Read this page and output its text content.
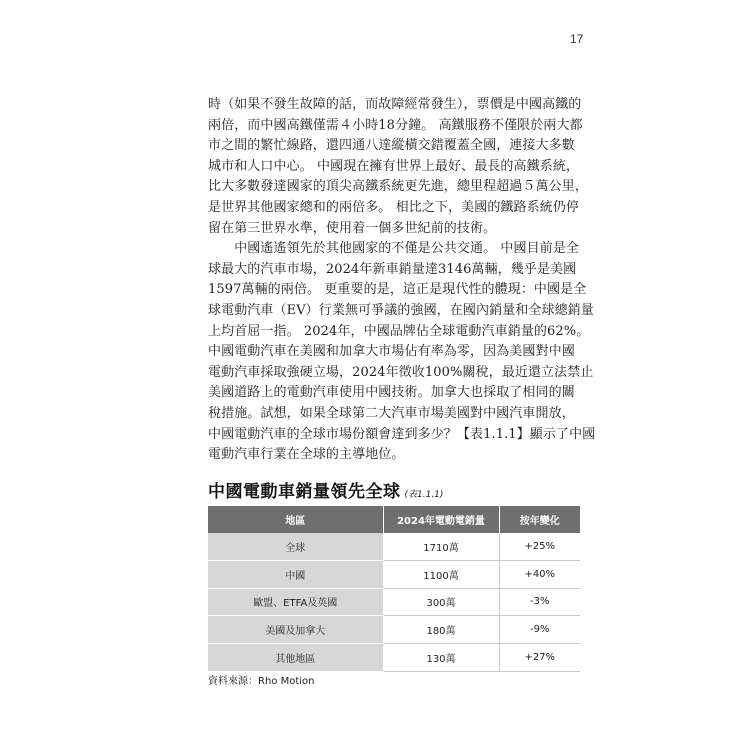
17
時（如果不發生故障的話，而故障經常發生），票價是中國高鐵的
兩倍，而中國高鐵僅需４小時18分鐘。 高鐵服務不僅限於兩大都
市之間的繁忙線路，還四通八達縱橫交錯覆蓋全國，連接大多數
城市和人口中心。 中國現在擁有世界上最好、最長的高鐵系統，
比大多數發達國家的頂尖高鐵系統更先進，總里程超過５萬公里，
是世界其他國家總和的兩倍多。 相比之下，美國的鐵路系統仍停
留在第三世界水準，使用着一個多世紀前的技術。
　　中國遙遙領先於其他國家的不僅是公共交通。 中國目前是全
球最大的汽車市場，2024年新車銷量達3146萬輛，幾乎是美國
1597萬輛的兩倍。 更重要的是，這正是現代性的體現：中國是全
球電動汽車（EV）行業無可爭議的強國，在國內銷量和全球總銷量
上均首屈一指。 2024年，中國品牌佔全球電動汽車銷量的62%。
中國電動汽車在美國和加拿大市場佔有率為零，因為美國對中國
電動汽車採取強硬立場，2024年徵收100%關稅，最近還立法禁止
美國道路上的電動汽車使用中國技術。加拿大也採取了相同的關
稅措施。試想，如果全球第二大汽車市場美國對中國汽車開放，
中國電動汽車的全球市場份額會達到多少？【表1.1.1】顯示了中國
電動汽車行業在全球的主導地位。
中國電動車銷量領先全球 (表1.1.1)
地區	2024年電動電銷量	按年變化
全球	1710萬	+25%
中國	1100萬	+40%
歐盟、ETFA及英國	300萬	-3%
美國及加拿大	180萬	-9%
其他地區	130萬	+27%
資料來源：Rho Motion
